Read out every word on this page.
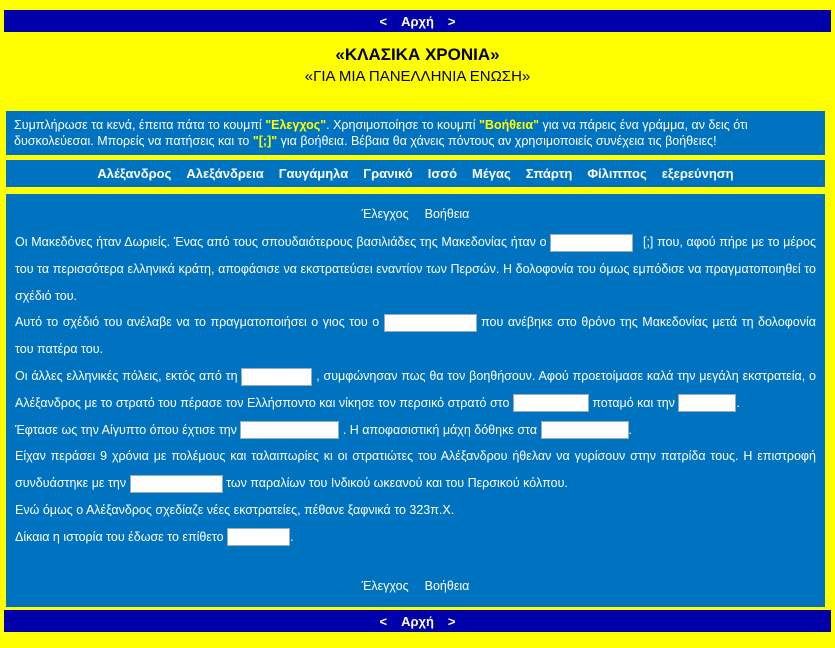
< Αρχή >
«ΚΛΑΣΙΚΑ ΧΡΟΝΙΑ»
«ΓΙΑ ΜΙΑ ΠΑΝΕΛΛΗΝΙΑ ΕΝΩΣΗ»
Συμπλήρωσε τα κενά, έπειτα πάτα το κουμπί "Ελεγχος". Χρησιμοποίησε το κουμπί "Βοήθεια" για να πάρεις ένα γράμμα, αν δεις ότι δυσκολεύεσαι. Μπορείς να πατήσεις και το "[;]" για βοήθεια. Βέβαια θα χάνεις πόντους αν χρησιμοποιείς συνέχεια τις βοήθειες!
Αλέξανδρος Αλεξάνδρεια Γαυγάμηλα Γρανικό Ισσό Μέγας Σπάρτη Φίλιππος εξερεύνηση
Έλεγχος Βοήθεια

Οι Μακεδόνες ήταν Δωριείς. Ένας από τους σπουδαιότερους βασιλιάδες της Μακεδονίας ήταν ο	[;] που, αφού πήρε με το μέρος του τα περισσότερα ελληνικά κράτη, αποφάσισε να εκστρατεύσει εναντίον των Περσών. Η δολοφονία του όμως εμπόδισε να πραγματοποιηθεί το σχέδιό του.

Αυτό το σχέδιό του ανέλαβε να το πραγματοποιήσει ο γιος του ο	που ανέβηκε στο θρόνο της Μακεδονίας μετά τη δολοφονία του πατέρα του.

Οι άλλες ελληνικές πόλεις, εκτός από τη	, συμφώνησαν πως θα τον βοηθήσουν. Αφού προετοίμασε καλά την μεγάλη εκστρατεία, ο Αλέξανδρος με το στρατό του πέρασε τον Ελλήσποντο και νίκησε τον περσικό στρατό στο	ποταμό και την	.

Έφτασε ως την Αίγυπτο όπου έχτισε την	. Η αποφασιστική μάχη δόθηκε στα	.

Είχαν περάσει 9 χρόνια με πολέμους και ταλαιπωρίες κι οι στρατιώτες του Αλέξανδρου ήθελαν να γυρίσουν στην πατρίδα τους. Η επιστροφή συνδυάστηκε με την	των παραλίων του Ινδικού ωκεανού και του Περσικού κόλπου.

Ενώ όμως ο Αλέξανδρος σχεδίαζε νέες εκστρατείες, πέθανε ξαφνικά το 323π.Χ.

Δίκαια η ιστορία του έδωσε το επίθετο	.

Έλεγχος Βοήθεια
< Αρχή >
